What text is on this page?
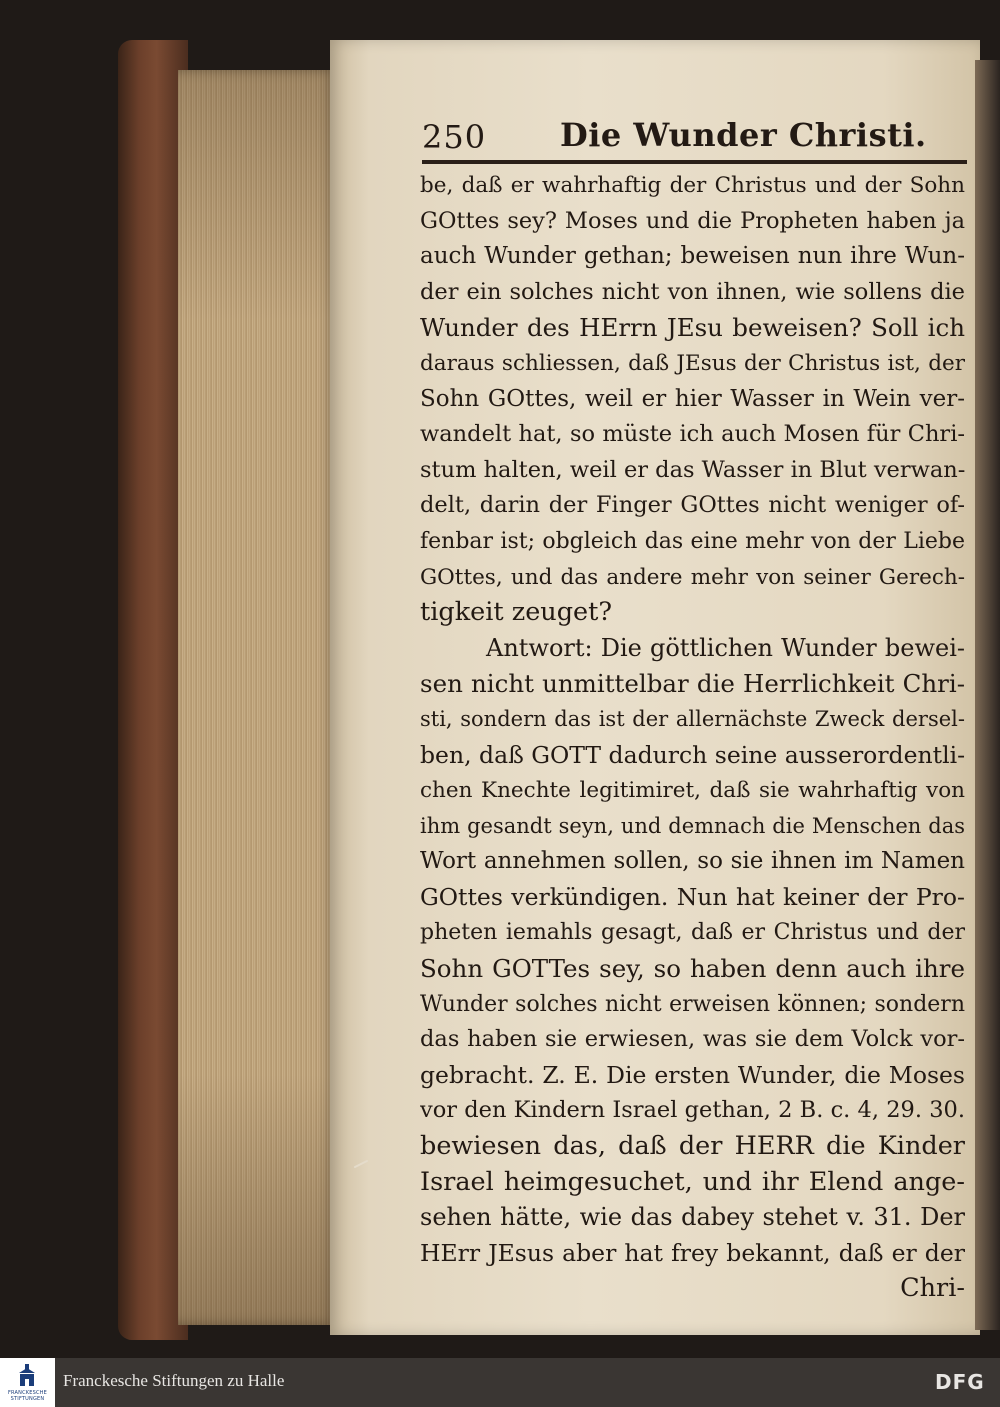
250 Die Wunder Christi.
be, daß er wahrhaftig der Christus und der Sohn
GOttes sey? Moses und die Propheten haben ja
auch Wunder gethan; beweisen nun ihre Wun-
der ein solches nicht von ihnen, wie sollens die
Wunder des HErrn JEsu beweisen? Soll ich
daraus schliessen, daß JEsus der Christus ist, der
Sohn GOttes, weil er hier Wasser in Wein ver-
wandelt hat, so müste ich auch Mosen für Chri-
stum halten, weil er das Wasser in Blut verwan-
delt, darin der Finger GOttes nicht weniger of-
fenbar ist; obgleich das eine mehr von der Liebe
GOttes, und das andere mehr von seiner Gerech-
tigkeit zeuget?
Antwort: Die göttlichen Wunder bewei-
sen nicht unmittelbar die Herrlichkeit Chri-
sti, sondern das ist der allernächste Zweck dersel-
ben, daß GOTT dadurch seine ausserordentli-
chen Knechte legitimiret, daß sie wahrhaftig von
ihm gesandt seyn, und demnach die Menschen das
Wort annehmen sollen, so sie ihnen im Namen
GOttes verkündigen. Nun hat keiner der Pro-
pheten iemahls gesagt, daß er Christus und der
Sohn GOTTes sey, so haben denn auch ihre
Wunder solches nicht erweisen können; sondern
das haben sie erwiesen, was sie dem Volck vor-
gebracht. Z. E. Die ersten Wunder, die Moses
vor den Kindern Israel gethan, 2 B. c. 4, 29. 30.
bewiesen das, daß der HERR die Kinder
Israel heimgesuchet, und ihr Elend ange-
sehen hätte, wie das dabey stehet v. 31. Der
HErr JEsus aber hat frey bekannt, daß er der
Chri-
FRANCKESCHE STIFTUNGEN
Franckesche Stiftungen zu Halle	DFG
